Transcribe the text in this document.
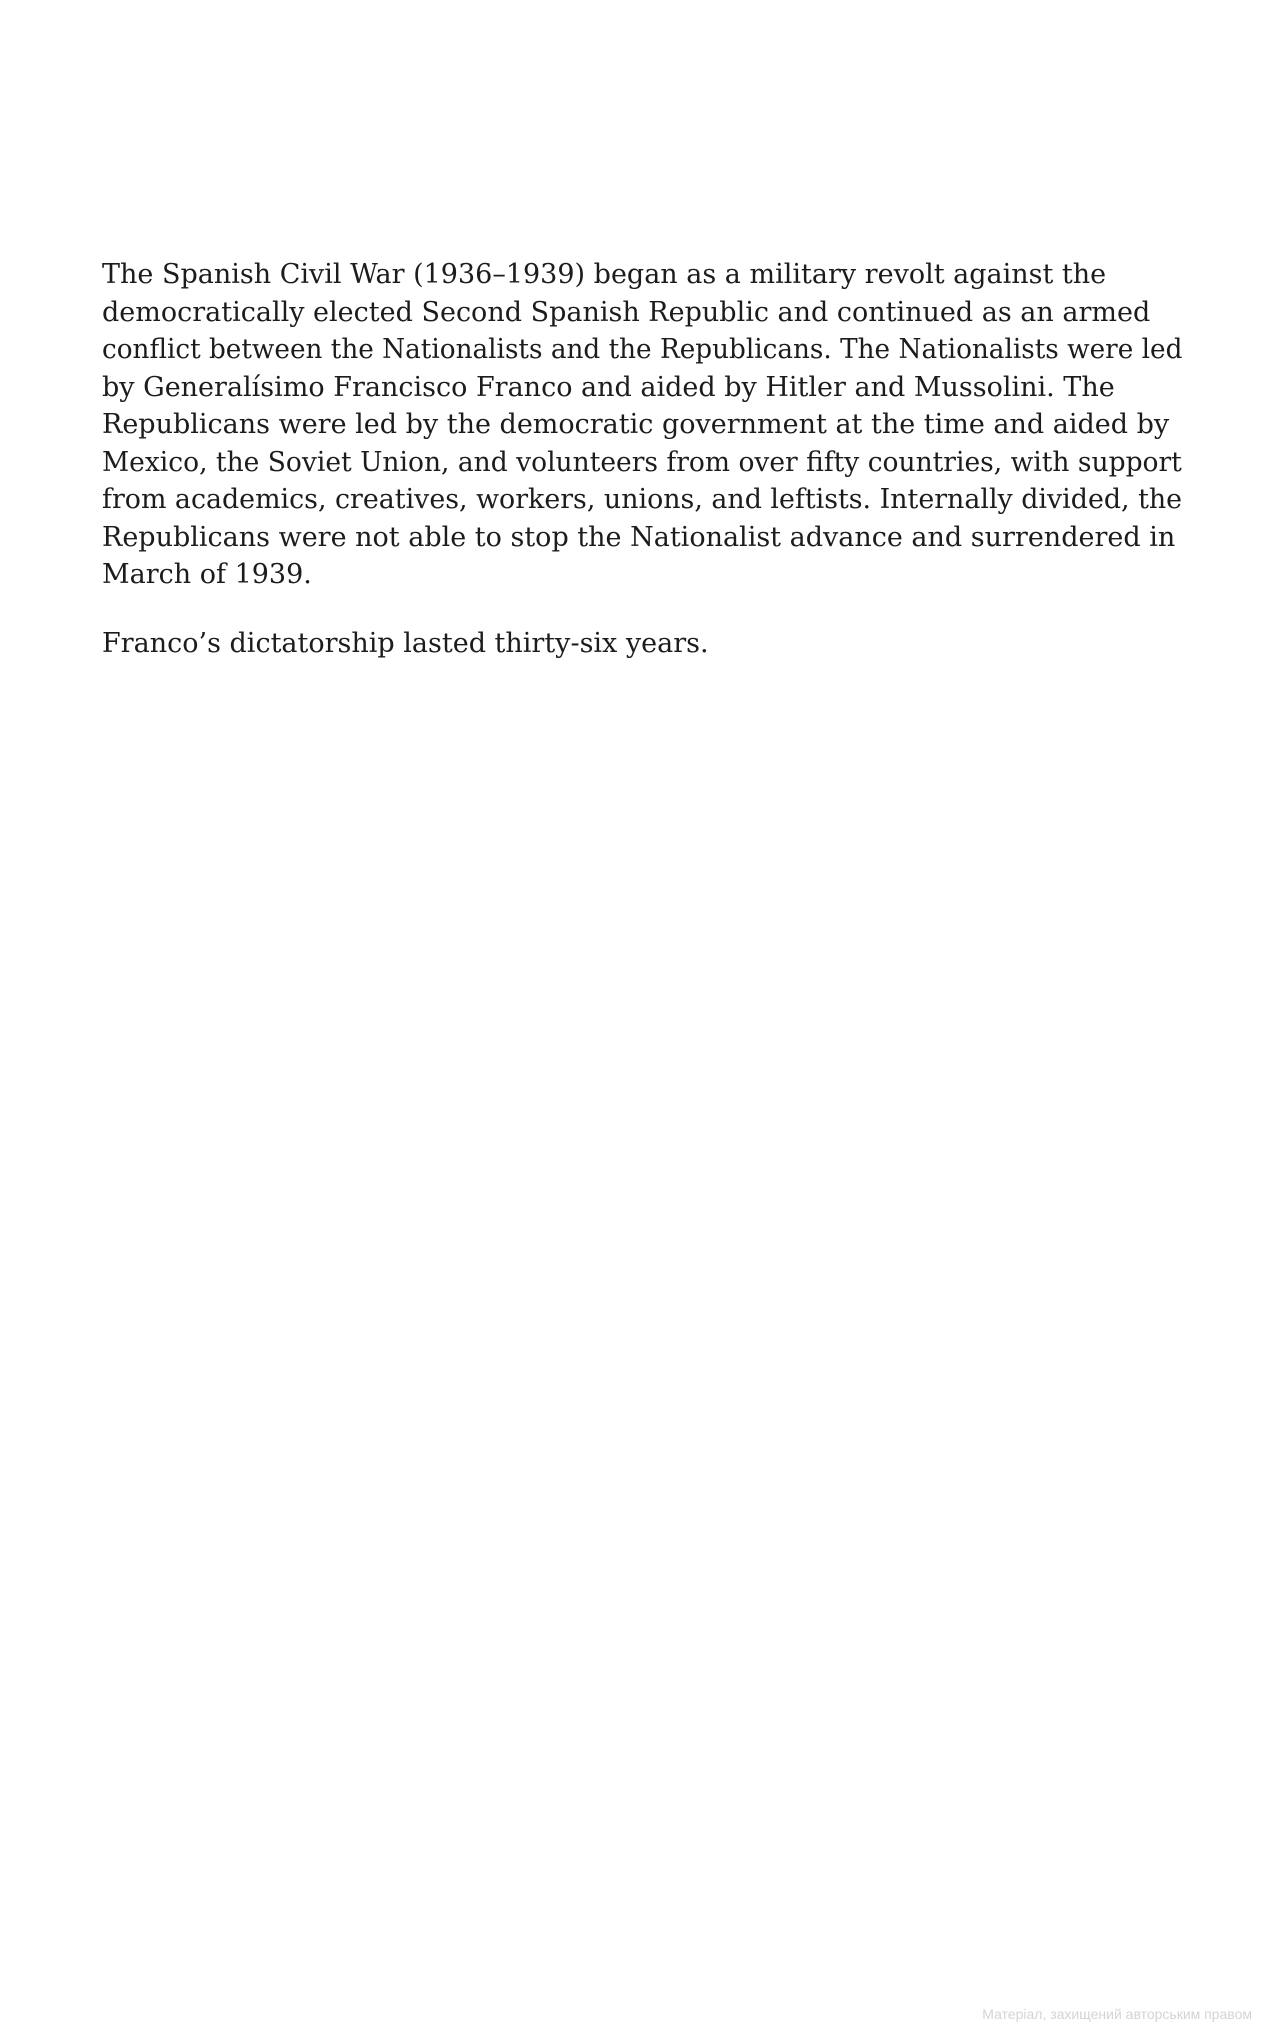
The Spanish Civil War (1936–1939) began as a military revolt against the
democratically elected Second Spanish Republic and continued as an armed
conflict between the Nationalists and the Republicans. The Nationalists were led
by Generalísimo Francisco Franco and aided by Hitler and Mussolini. The
Republicans were led by the democratic government at the time and aided by
Mexico, the Soviet Union, and volunteers from over fifty countries, with support
from academics, creatives, workers, unions, and leftists. Internally divided, the
Republicans were not able to stop the Nationalist advance and surrendered in
March of 1939.

Franco’s dictatorship lasted thirty-six years.

Матеріал, захищений авторським правом
